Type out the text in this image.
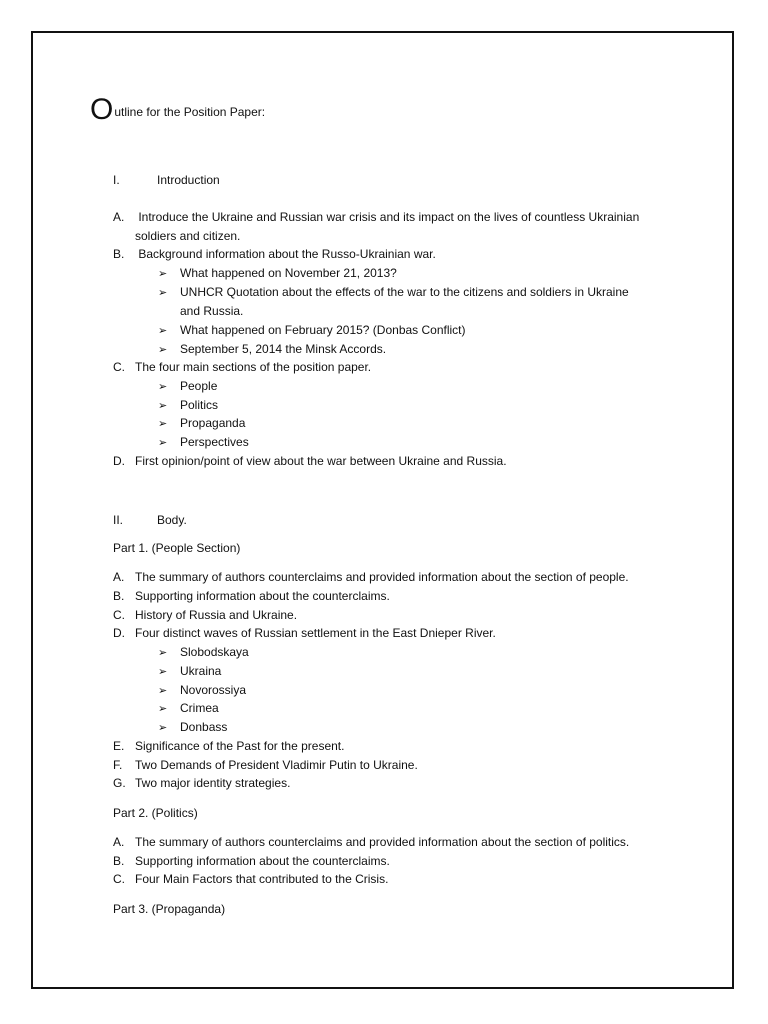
Outline for the Position Paper:
I.	Introduction
A. Introduce the Ukraine and Russian war crisis and its impact on the lives of countless Ukrainian
soldiers and citizen.
B. Background information about the Russo-Ukrainian war.
➢ What happened on November 21, 2013?
➢ UNHCR Quotation about the effects of the war to the citizens and soldiers in Ukraine
and Russia.
➢ What happened on February 2015? (Donbas Conflict)
➢ September 5, 2014 the Minsk Accords.
C. The four main sections of the position paper.
➢ People
➢ Politics
➢ Propaganda
➢ Perspectives
D. First opinion/point of view about the war between Ukraine and Russia.
II.	Body.
Part 1. (People Section)
A. The summary of authors counterclaims and provided information about the section of people.
B. Supporting information about the counterclaims.
C. History of Russia and Ukraine.
D. Four distinct waves of Russian settlement in the East Dnieper River.
➢ Slobodskaya
➢ Ukraina
➢ Novorossiya
➢ Crimea
➢ Donbass
E. Significance of the Past for the present.
F. Two Demands of President Vladimir Putin to Ukraine.
G. Two major identity strategies.
Part 2. (Politics)
A. The summary of authors counterclaims and provided information about the section of politics.
B. Supporting information about the counterclaims.
C. Four Main Factors that contributed to the Crisis.
Part 3. (Propaganda)
